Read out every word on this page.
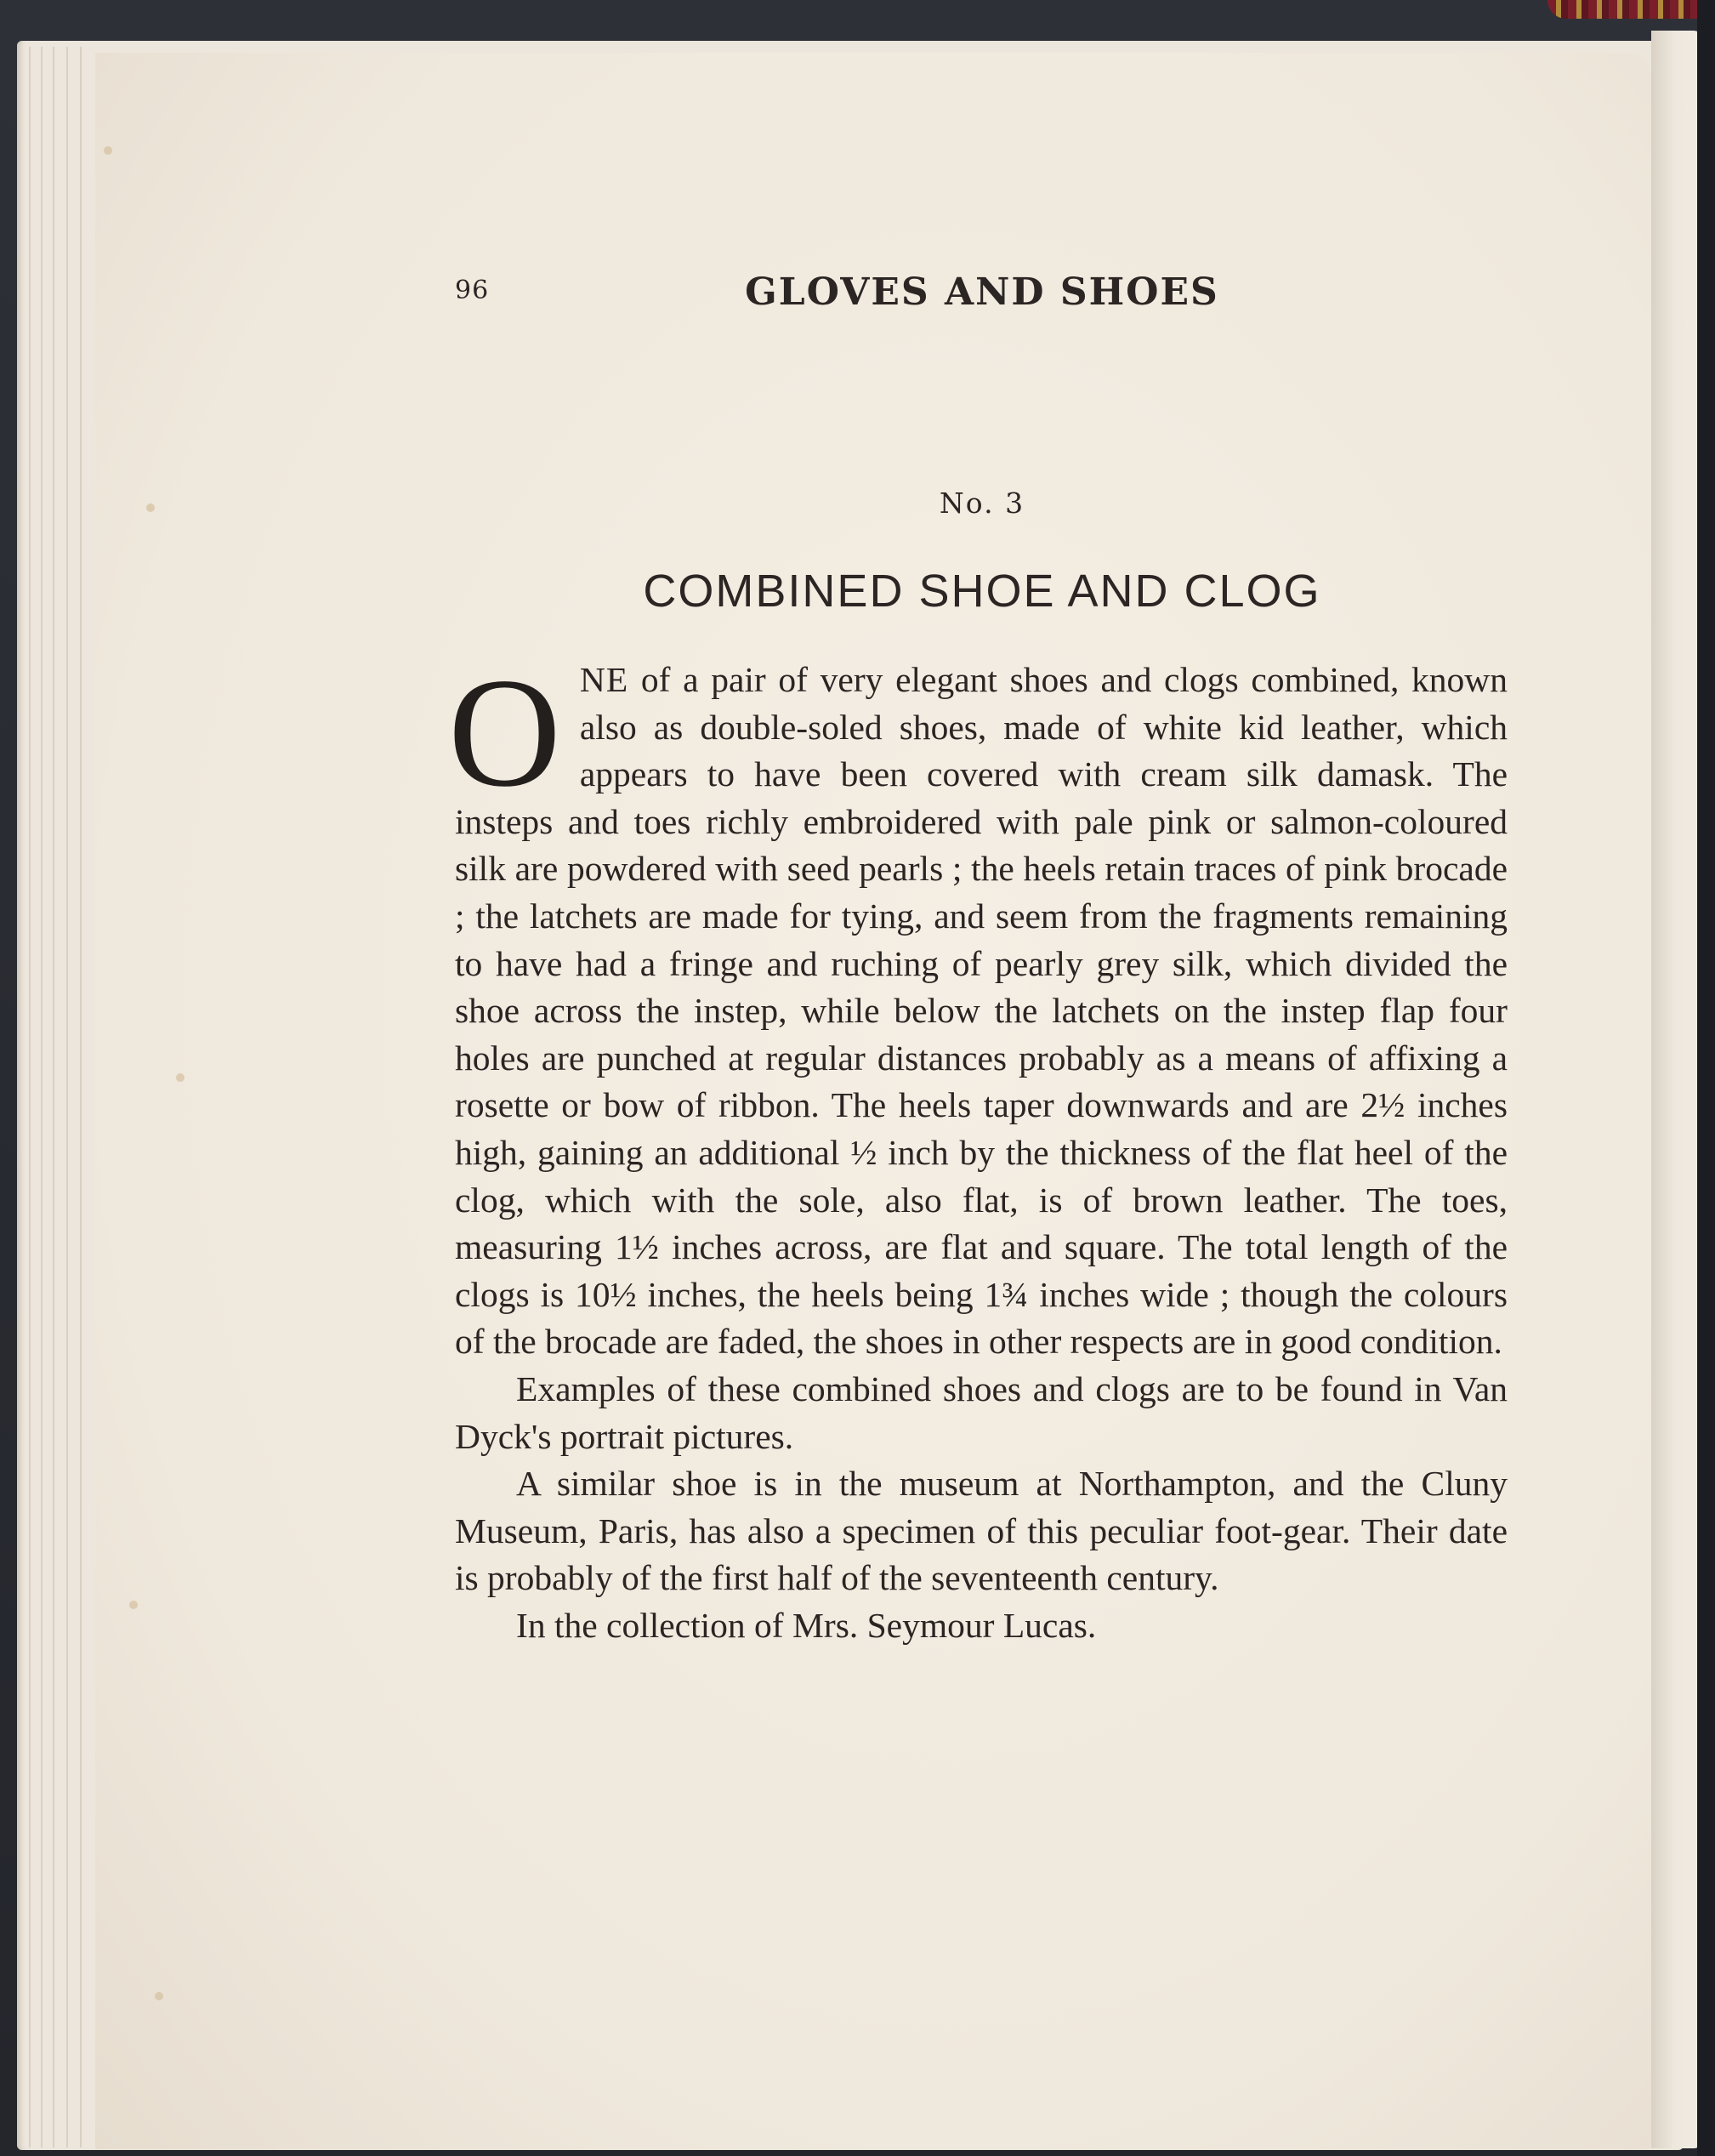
96	GLOVES AND SHOES
No. 3
COMBINED SHOE AND CLOG

ONE of a pair of very elegant shoes and clogs combined, known also as double-soled shoes, made of white kid leather, which appears to have been covered with cream silk damask. The insteps and toes richly embroidered with pale pink or salmon-coloured silk are powdered with seed pearls ; the heels retain traces of pink brocade ; the latchets are made for tying, and seem from the fragments remaining to have had a fringe and ruching of pearly grey silk, which divided the shoe across the instep, while below the latchets on the instep flap four holes are punched at regular distances probably as a means of affixing a rosette or bow of ribbon. The heels taper downwards and are 2½ inches high, gaining an additional ½ inch by the thickness of the flat heel of the clog, which with the sole, also flat, is of brown leather. The toes, measuring 1½ inches across, are flat and square. The total length of the clogs is 10½ inches, the heels being 1¾ inches wide ; though the colours of the brocade are faded, the shoes in other respects are in good condition.

Examples of these combined shoes and clogs are to be found in Van Dyck's portrait pictures.

A similar shoe is in the museum at Northampton, and the Cluny Museum, Paris, has also a specimen of this peculiar foot-gear. Their date is probably of the first half of the seventeenth century.

In the collection of Mrs. Seymour Lucas.
